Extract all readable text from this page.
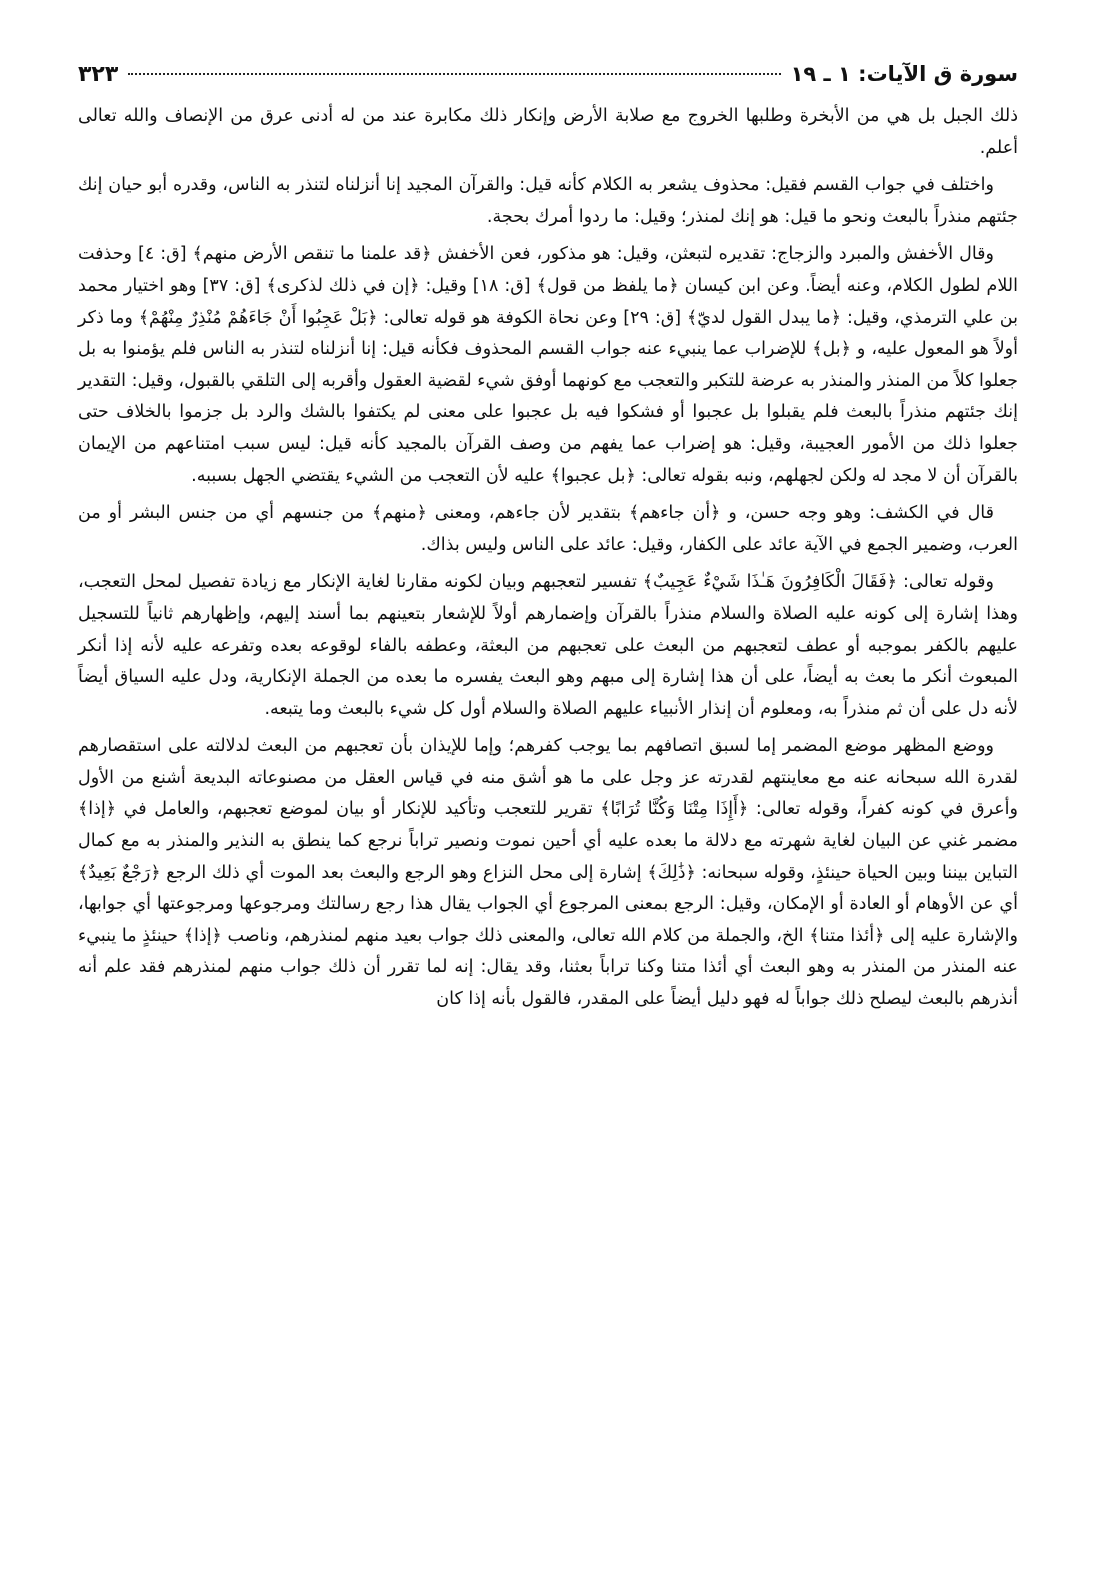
سورة ق الآيات: ١ ـ ١٩
٣٢٣

ذلك الجبل بل هي من الأبخرة وطلبها الخروج مع صلابة الأرض وإنكار ذلك مكابرة عند من له أدنى عرق من الإنصاف والله تعالى أعلم.

واختلف في جواب القسم فقيل: محذوف يشعر به الكلام كأنه قيل: والقرآن المجيد إنا أنزلناه لتنذر به الناس، وقدره أبو حيان إنك جئتهم منذراً بالبعث ونحو ما قيل: هو إنك لمنذر؛ وقيل: ما ردوا أمرك بحجة.

وقال الأخفش والمبرد والزجاج: تقديره لتبعثن، وقيل: هو مذكور، فعن الأخفش ﴿قد علمنا ما تنقص الأرض منهم﴾ [ق: ٤] وحذفت اللام لطول الكلام، وعنه أيضاً. وعن ابن كيسان ﴿ما يلفظ من قول﴾ [ق: ١٨] وقيل: ﴿إن في ذلك لذكرى﴾ [ق: ٣٧] وهو اختيار محمد بن علي الترمذي، وقيل: ﴿ما يبدل القول لديّ﴾ [ق: ٢٩] وعن نحاة الكوفة هو قوله تعالى: ﴿بَلْ عَجِبُوا أَنْ جَاءَهُمْ مُنْذِرٌ مِنْهُمْ﴾ وما ذكر أولاً هو المعول عليه، و ﴿بل﴾ للإضراب عما ينبيء عنه جواب القسم المحذوف فكأنه قيل: إنا أنزلناه لتنذر به الناس فلم يؤمنوا به بل جعلوا كلاً من المنذر والمنذر به عرضة للتكبر والتعجب مع كونهما أوفق شيء لقضية العقول وأقربه إلى التلقي بالقبول، وقيل: التقدير إنك جئتهم منذراً بالبعث فلم يقبلوا بل عجبوا أو فشكوا فيه بل عجبوا على معنى لم يكتفوا بالشك والرد بل جزموا بالخلاف حتى جعلوا ذلك من الأمور العجيبة، وقيل: هو إضراب عما يفهم من وصف القرآن بالمجيد كأنه قيل: ليس سبب امتناعهم من الإيمان بالقرآن أن لا مجد له ولكن لجهلهم، ونبه بقوله تعالى: ﴿بل عجبوا﴾ عليه لأن التعجب من الشيء يقتضي الجهل بسببه.

قال في الكشف: وهو وجه حسن، و ﴿أن جاءهم﴾ بتقدير لأن جاءهم، ومعنى ﴿منهم﴾ من جنسهم أي من جنس البشر أو من العرب، وضمير الجمع في الآية عائد على الكفار، وقيل: عائد على الناس وليس بذاك.

وقوله تعالى: ﴿فَقَالَ الْكَافِرُونَ هَـٰذَا شَيْءٌ عَجِيبٌ﴾ تفسير لتعجبهم وبيان لكونه مقارنا لغاية الإنكار مع زيادة تفصيل لمحل التعجب، وهذا إشارة إلى كونه عليه الصلاة والسلام منذراً بالقرآن وإضمارهم أولاً للإشعار بتعينهم بما أسند إليهم، وإظهارهم ثانياً للتسجيل عليهم بالكفر بموجبه أو عطف لتعجبهم من البعث على تعجبهم من البعثة، وعطفه بالفاء لوقوعه بعده وتفرعه عليه لأنه إذا أنكر المبعوث أنكر ما بعث به أيضاً، على أن هذا إشارة إلى مبهم وهو البعث يفسره ما بعده من الجملة الإنكارية، ودل عليه السياق أيضاً لأنه دل على أن ثم منذراً به، ومعلوم أن إنذار الأنبياء عليهم الصلاة والسلام أول كل شيء بالبعث وما يتبعه.

ووضع المظهر موضع المضمر إما لسبق اتصافهم بما يوجب كفرهم؛ وإما للإيذان بأن تعجبهم من البعث لدلالته على استقصارهم لقدرة الله سبحانه عنه مع معاينتهم لقدرته عز وجل على ما هو أشق منه في قياس العقل من مصنوعاته البديعة أشنع من الأول وأعرق في كونه كفراً، وقوله تعالى: ﴿أَإِذَا مِتْنَا وَكُنَّا تُرَابًا﴾ تقرير للتعجب وتأكيد للإنكار أو بيان لموضع تعجبهم، والعامل في ﴿إذا﴾ مضمر غني عن البيان لغاية شهرته مع دلالة ما بعده عليه أي أحين نموت ونصير تراباً نرجع كما ينطق به النذير والمنذر به مع كمال التباين بيننا وبين الحياة حينئذٍ، وقوله سبحانه: ﴿ذَٰلِكَ﴾ إشارة إلى محل النزاع وهو الرجع والبعث بعد الموت أي ذلك الرجع ﴿رَجْعٌ بَعِيدٌ﴾ أي عن الأوهام أو العادة أو الإمكان، وقيل: الرجع بمعنى المرجوع أي الجواب يقال هذا رجع رسالتك ومرجوعها ومرجوعتها أي جوابها، والإشارة عليه إلى ﴿أئذا متنا﴾ الخ، والجملة من كلام الله تعالى، والمعنى ذلك جواب بعيد منهم لمنذرهم، وناصب ﴿إذا﴾ حينئذٍ ما ينبيء عنه المنذر من المنذر به وهو البعث أي أئذا متنا وكنا تراباً بعثنا، وقد يقال: إنه لما تقرر أن ذلك جواب منهم لمنذرهم فقد علم أنه أنذرهم بالبعث ليصلح ذلك جواباً له فهو دليل أيضاً على المقدر، فالقول بأنه إذا كان
